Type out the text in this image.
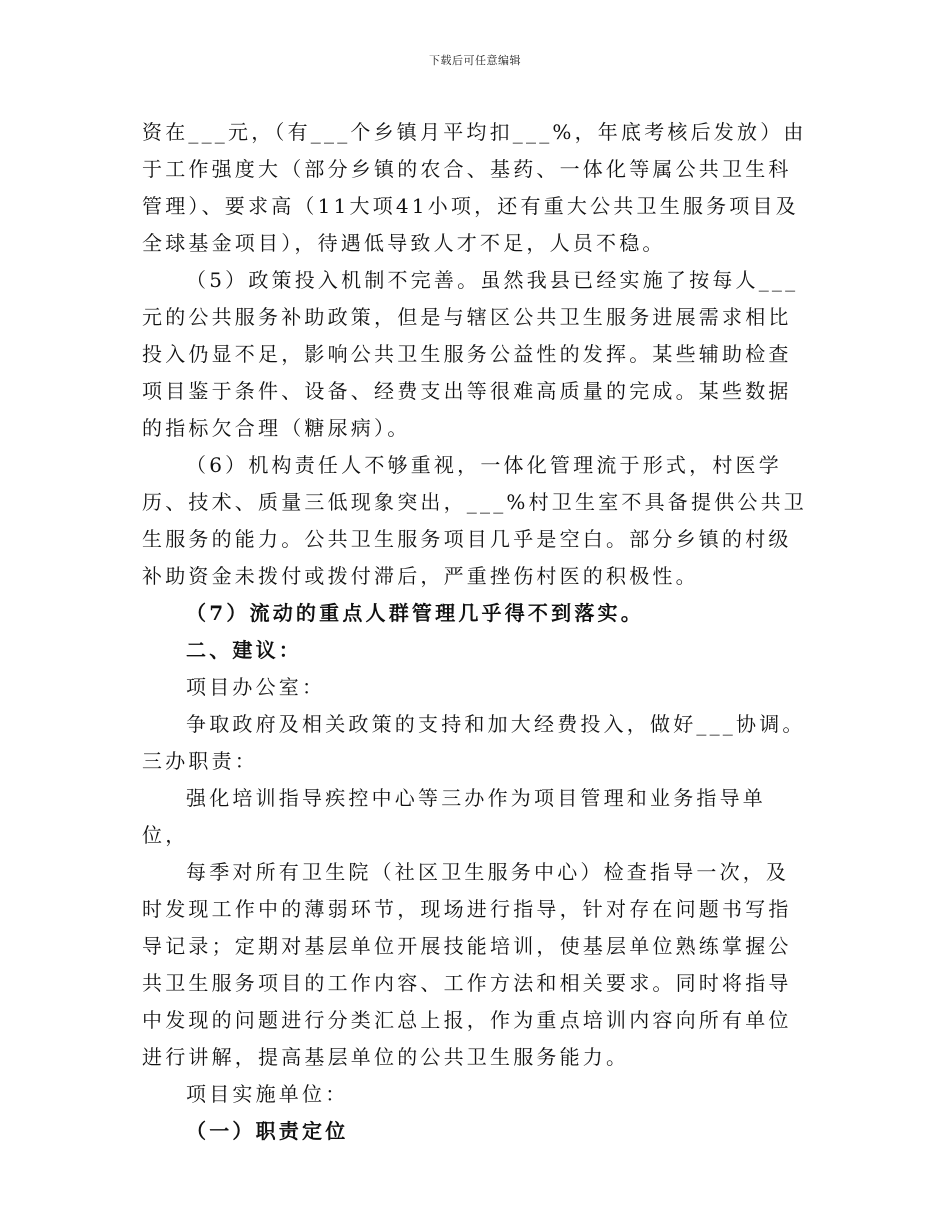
下载后可任意编辑

资在___元，（有___个乡镇月平均扣___%，年底考核后发放）由于工作强度大（部分乡镇的农合、基药、一体化等属公共卫生科管理）、要求高（11大项41小项，还有重大公共卫生服务项目及全球基金项目），待遇低导致人才不足，人员不稳。

（5）政策投入机制不完善。虽然我县已经实施了按每人___元的公共服务补助政策，但是与辖区公共卫生服务进展需求相比投入仍显不足，影响公共卫生服务公益性的发挥。某些辅助检查项目鉴于条件、设备、经费支出等很难高质量的完成。某些数据的指标欠合理（糖尿病）。

（6）机构责任人不够重视，一体化管理流于形式，村医学历、技术、质量三低现象突出，___%村卫生室不具备提供公共卫生服务的能力。公共卫生服务项目几乎是空白。部分乡镇的村级补助资金未拨付或拨付滞后，严重挫伤村医的积极性。

（7）流动的重点人群管理几乎得不到落实。

二、建议：

项目办公室：

争取政府及相关政策的支持和加大经费投入，做好___协调。三办职责：

强化培训指导疾控中心等三办作为项目管理和业务指导单位，

每季对所有卫生院（社区卫生服务中心）检查指导一次，及时发现工作中的薄弱环节，现场进行指导，针对存在问题书写指导记录；定期对基层单位开展技能培训，使基层单位熟练掌握公共卫生服务项目的工作内容、工作方法和相关要求。同时将指导中发现的问题进行分类汇总上报，作为重点培训内容向所有单位进行讲解，提高基层单位的公共卫生服务能力。

项目实施单位：

（一）职责定位
